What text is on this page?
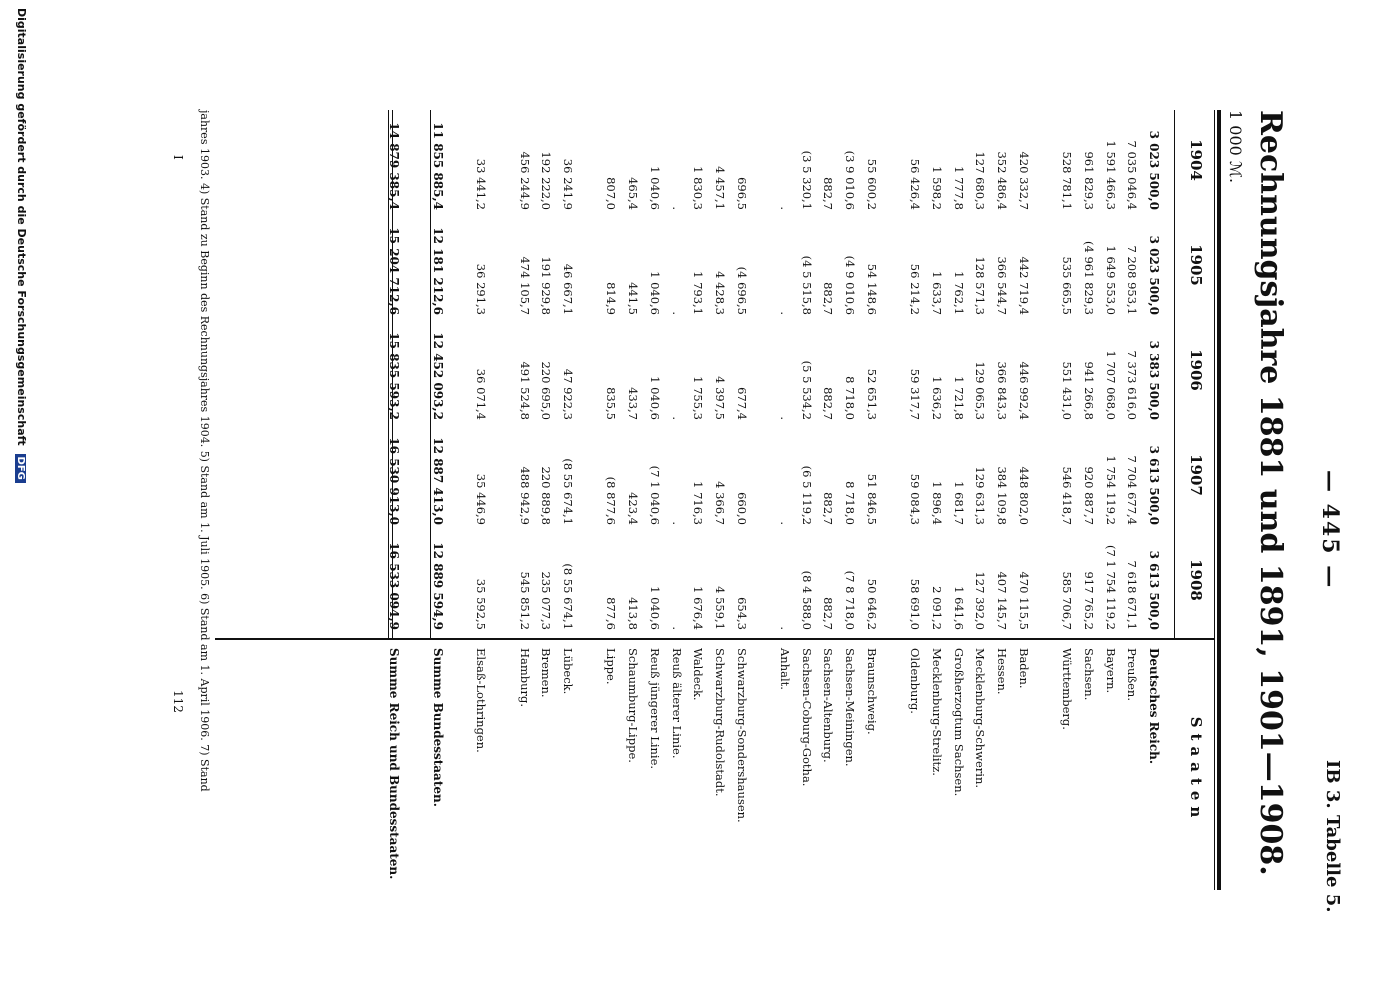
— 445 —
IB 3. Tabelle 5.
Rechnungsjahre 1881 und 1891, 1901—1908.
1 000 ℳ.
1904
1905
1906
1907
1908
Staaten
Deutsches Reich.
3 023 500,0
3 023 500,0
3 383 500,0
3 613 500,0
3 613 500,0
Preußen.
7 035 046,4
7 208 953,1
7 373 616,0
7 704 677,4
7 618 671,1
Bayern.
1 591 466,3
1 649 553,0
1 707 068,0
1 754 119,2
(7 1 754 119,2
Sachsen.
961 829,3
(4 961 829,3
941 266,8
920 887,7
917 765,2
Württemberg.
528 781,1
535 665,5
551 431,0
546 418,7
585 706,7
Baden.
420 332,7
442 719,4
446 992,4
448 802,0
470 115,5
Hessen.
352 486,4
366 544,7
366 843,3
384 109,8
407 145,7
Mecklenburg-Schwerin.
127 680,3
128 571,3
129 065,3
129 631,3
127 392,0
Großherzogtum Sachsen.
1 777,8
1 762,1
1 721,8
1 681,7
1 641,6
Mecklenburg-Strelitz.
1 598,2
1 633,7
1 636,2
1 896,4
2 091,2
Oldenburg.
56 426,4
56 214,2
59 317,7
59 084,3
58 691,0
Braunschweig.
55 600,2
54 148,6
52 651,3
51 846,5
50 646,2
Sachsen-Meiningen.
(3 9 010,6
(4 9 010,6
8 718,0
8 718,0
(7 8 718,0
Sachsen-Altenburg.
882,7
882,7
882,7
882,7
882,7
Sachsen-Coburg-Gotha.
(3 5 320,1
(4 5 515,8
(5 5 534,2
(6 5 119,2
(8 4 588,0
Anhalt.
.
.
.
.
.
Schwarzburg-Sondershausen.
696,5
(4 696,5
677,4
660,0
654,3
Schwarzburg-Rudolstadt.
4 457,1
4 428,3
4 397,5
4 366,7
4 559,1
Waldeck.
1 830,3
1 793,1
1 755,3
1 716,3
1 676,4
Reuß älterer Linie.
.
.
.
.
.
Reuß jüngerer Linie.
1 040,6
1 040,6
1 040,6
(7 1 040,6
1 040,6
Schaumburg-Lippe.
465,4
441,5
433,7
423,4
413,8
Lippe.
807,0
814,9
835,5
(8 877,6
877,6
Lübeck.
36 241,9
46 667,1
47 922,3
(8 55 674,1
(8 55 674,1
Bremen.
192 222,0
191 929,8
220 695,0
220 889,8
235 077,3
Hamburg.
456 244,9
474 105,7
491 524,8
488 942,9
545 851,2
Elsaß-Lothringen.
33 441,2
36 291,3
36 071,4
35 446,9
35 592,5
Summe Bundesstaaten.
11 855 885,4
12 181 212,6
12 452 093,2
12 887 413,0
12 889 594,9
Summe Reich und Bundesstaaten.
14 879 385,4
15 204 712,6
15 835 593,2
16 530 913,0
16 533 094,9
jahres 1903. 4) Stand zu Beginn des Rechnungsjahres 1904. 5) Stand am 1. Juli 1905. 6) Stand am 1. April 1906. 7) Stand
I
112
Digitalisierung gefördert durch die Deutsche Forschungsgemeinschaft DFG
